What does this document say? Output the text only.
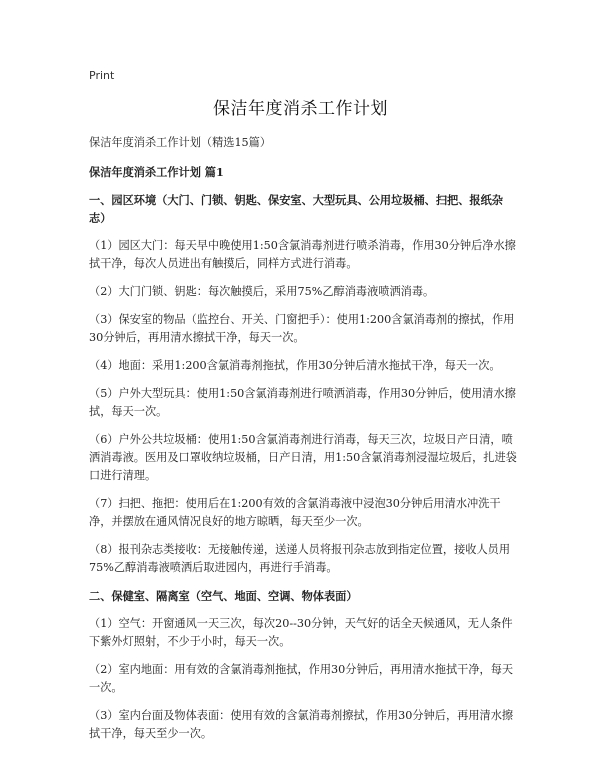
Print
保洁年度消杀工作计划

保洁年度消杀工作计划（精选15篇）

保洁年度消杀工作计划 篇1

一、园区环境（大门、门锁、钥匙、保安室、大型玩具、公用垃圾桶、扫把、报纸杂志）

（1）园区大门：每天早中晚使用1:50含氯消毒剂进行喷杀消毒，作用30分钟后净水擦拭干净，每次人员进出有触摸后，同样方式进行消毒。

（2）大门门锁、钥匙：每次触摸后，采用75%乙醇消毒液喷洒消毒。

（3）保安室的物品（监控台、开关、门窗把手）：使用1:200含氯消毒剂的擦拭，作用30分钟后，再用清水擦拭干净，每天一次。

（4）地面：采用1:200含氯消毒剂拖拭，作用30分钟后清水拖拭干净，每天一次。

（5）户外大型玩具：使用1:50含氯消毒剂进行喷洒消毒，作用30分钟后，使用清水擦拭，每天一次。

（6）户外公共垃圾桶：使用1:50含氯消毒剂进行消毒，每天三次，垃圾日产日清，喷洒消毒液。医用及口罩收纳垃圾桶，日产日清，用1:50含氯消毒剂浸湿垃圾后，扎进袋口进行清理。

（7）扫把、拖把：使用后在1:200有效的含氯消毒液中浸泡30分钟后用清水冲洗干净，并摆放在通风情况良好的地方晾晒，每天至少一次。

（8）报刊杂志类接收：无接触传递，送递人员将报刊杂志放到指定位置，接收人员用75%乙醇消毒液喷洒后取进园内，再进行手消毒。

二、保健室、隔离室（空气、地面、空调、物体表面）

（1）空气：开窗通风一天三次，每次20--30分钟，天气好的话全天候通风，无人条件下紫外灯照射，不少于小时，每天一次。

（2）室内地面：用有效的含氯消毒剂拖拭，作用30分钟后，再用清水拖拭干净，每天一次。

（3）室内台面及物体表面：使用有效的含氯消毒剂擦拭，作用30分钟后，再用清水擦拭干净，每天至少一次。
